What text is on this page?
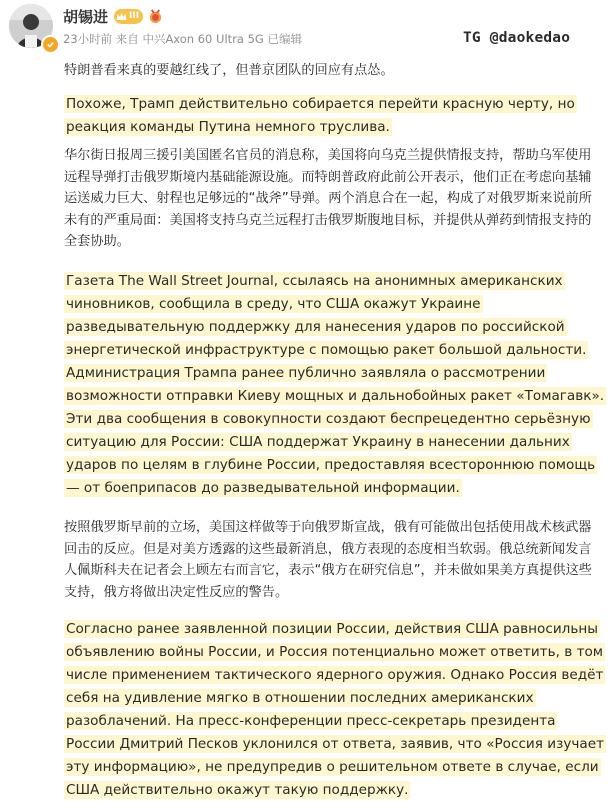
胡锡进 III
23小时前 来自 中兴Axon 60 Ultra 5G 已编辑	TG @daokedao

特朗普看来真的要越红线了，但普京团队的回应有点怂。

Похоже, Трамп действительно собирается перейти красную черту, но реакция команды Путина немного труслива.

华尔街日报周三援引美国匿名官员的消息称，美国将向乌克兰提供情报支持，帮助乌军使用远程导弹打击俄罗斯境内基础能源设施。而特朗普政府此前公开表示，他们正在考虑向基辅运送威力巨大、射程也足够远的“战斧”导弹。两个消息合在一起，构成了对俄罗斯来说前所未有的严重局面：美国将支持乌克兰远程打击俄罗斯腹地目标，并提供从弹药到情报支持的全套协助。

Газета The Wall Street Journal, ссылаясь на анонимных американских чиновников, сообщила в среду, что США окажут Украине разведывательную поддержку для нанесения ударов по российской энергетической инфраструктуре с помощью ракет большой дальности. Администрация Трампа ранее публично заявляла о рассмотрении возможности отправки Киеву мощных и дальнобойных ракет «Томагавк». Эти два сообщения в совокупности создают беспрецедентно серьёзную ситуацию для России: США поддержат Украину в нанесении дальних ударов по целям в глубине России, предоставляя всестороннюю помощь — от боеприпасов до разведывательной информации.

按照俄罗斯早前的立场，美国这样做等于向俄罗斯宣战，俄有可能做出包括使用战术核武器回击的反应。但是对美方透露的这些最新消息，俄方表现的态度相当软弱。俄总统新闻发言人佩斯科夫在记者会上顾左右而言它，表示“俄方在研究信息”，并未做如果美方真提供这些支持，俄方将做出决定性反应的警告。

Согласно ранее заявленной позиции России, действия США равносильны объявлению войны России, и Россия потенциально может ответить, в том числе применением тактического ядерного оружия. Однако Россия ведёт себя на удивление мягко в отношении последних американских разоблачений. На пресс-конференции пресс-секретарь президента России Дмитрий Песков уклонился от ответа, заявив, что «Россия изучает эту информацию», не предупредив о решительном ответе в случае, если США действительно окажут такую поддержку.
